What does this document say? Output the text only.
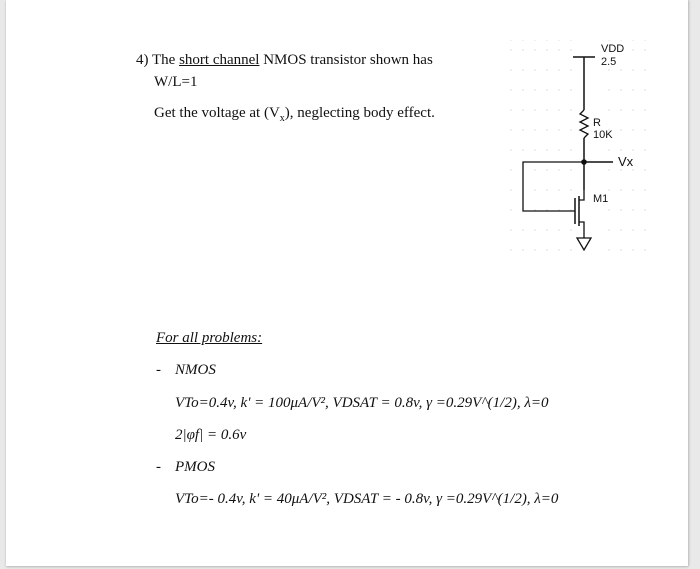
4) The short channel NMOS transistor shown has

W/L=1

Get the voltage at $(V_x)$, neglecting body effect.

VDD
2.5
R
10K
Vx
M1

For all problems:

- NMOS

VTo=0.4v, k' = 100μA/V², VDSAT = 0.8v, γ =0.29V^(1/2), λ=0

2|φf| = 0.6v

- PMOS

VTo=- 0.4v, k' = 40μA/V², VDSAT = - 0.8v, γ =0.29V^(1/2), λ=0
